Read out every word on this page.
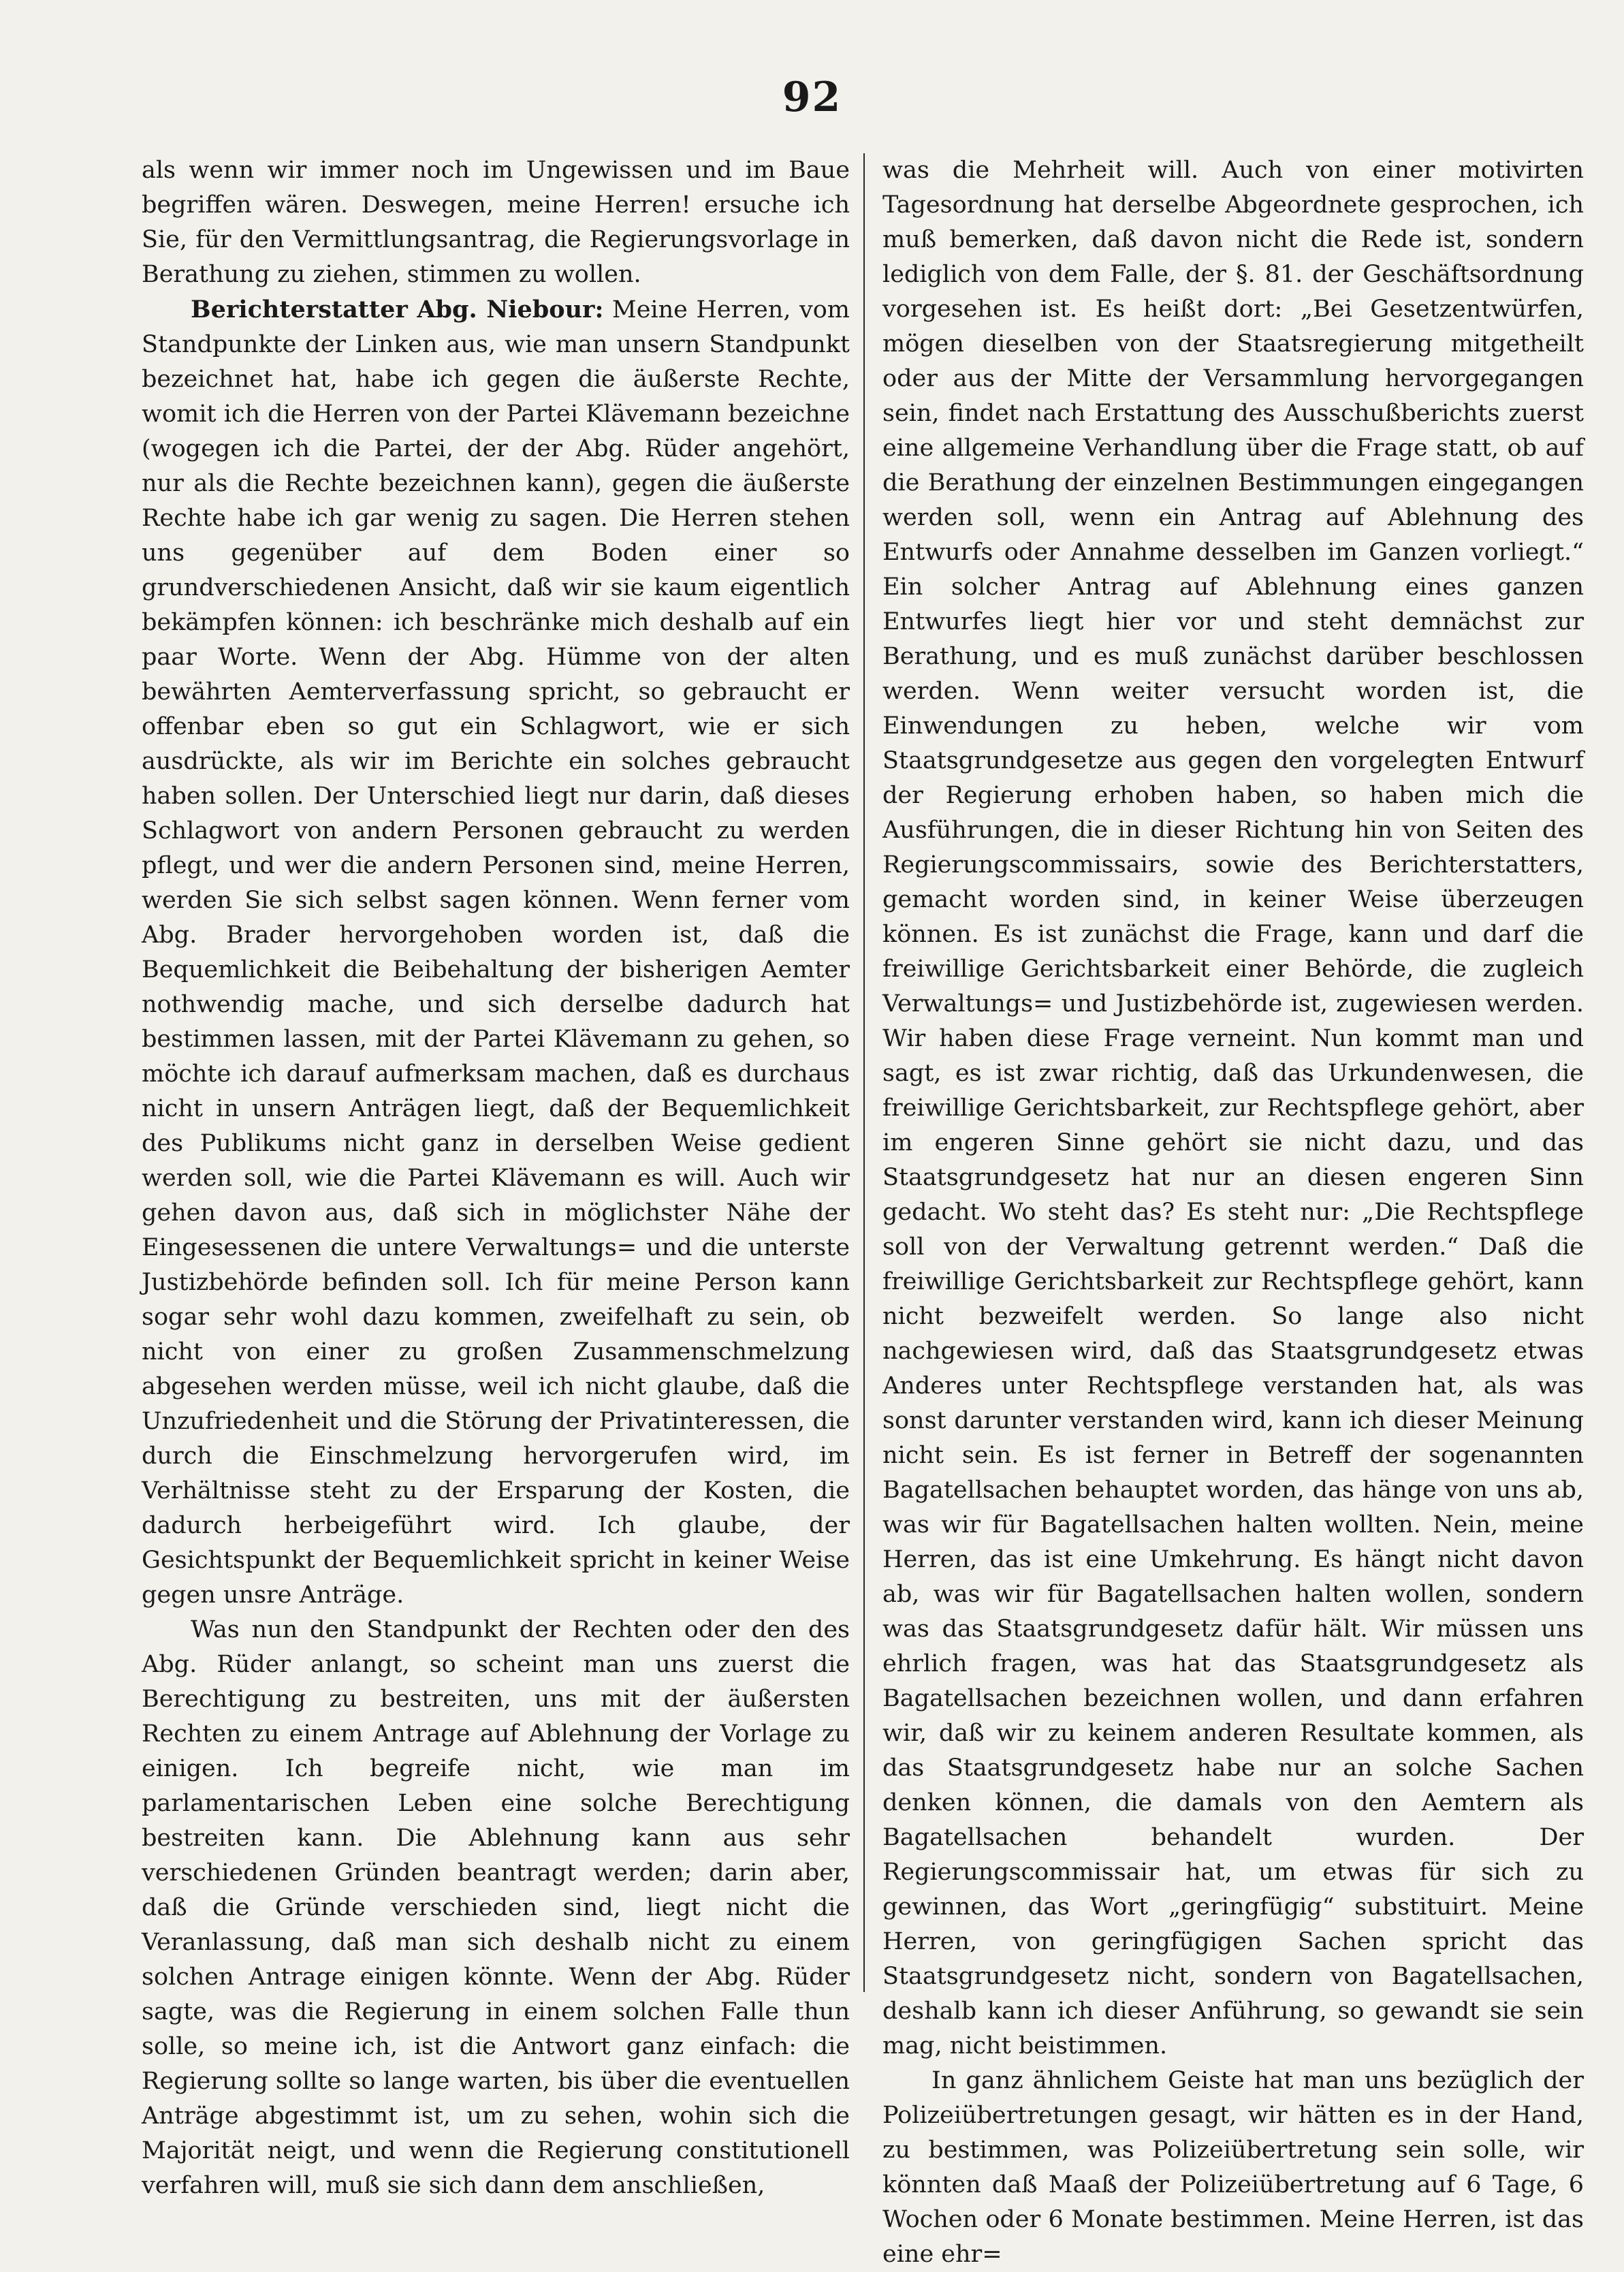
92

als wenn wir immer noch im Ungewissen und im Baue begriffen wären. Deswegen, meine Herren! ersuche ich Sie, für den Vermittlungsantrag, die Regierungsvorlage in Berathung zu ziehen, stimmen zu wollen.

Berichterstatter Abg. Niebour: Meine Herren, vom Standpunkte der Linken aus, wie man unsern Standpunkt bezeichnet hat, habe ich gegen die äußerste Rechte, womit ich die Herren von der Partei Klävemann bezeichne (wogegen ich die Partei, der der Abg. Rüder angehört, nur als die Rechte bezeichnen kann), gegen die äußerste Rechte habe ich gar wenig zu sagen. Die Herren stehen uns gegenüber auf dem Boden einer so grundverschiedenen Ansicht, daß wir sie kaum eigentlich bekämpfen können: ich beschränke mich deshalb auf ein paar Worte. Wenn der Abg. Hümme von der alten bewährten Aemterverfassung spricht, so gebraucht er offenbar eben so gut ein Schlagwort, wie er sich ausdrückte, als wir im Berichte ein solches gebraucht haben sollen. Der Unterschied liegt nur darin, daß dieses Schlagwort von andern Personen gebraucht zu werden pflegt, und wer die andern Personen sind, meine Herren, werden Sie sich selbst sagen können. Wenn ferner vom Abg. Brader hervorgehoben worden ist, daß die Bequemlichkeit die Beibehaltung der bisherigen Aemter nothwendig mache, und sich derselbe dadurch hat bestimmen lassen, mit der Partei Klävemann zu gehen, so möchte ich darauf aufmerksam machen, daß es durchaus nicht in unsern Anträgen liegt, daß der Bequemlichkeit des Publikums nicht ganz in derselben Weise gedient werden soll, wie die Partei Klävemann es will. Auch wir gehen davon aus, daß sich in möglichster Nähe der Eingesessenen die untere Verwaltungs= und die unterste Justizbehörde befinden soll. Ich für meine Person kann sogar sehr wohl dazu kommen, zweifelhaft zu sein, ob nicht von einer zu großen Zusammenschmelzung abgesehen werden müsse, weil ich nicht glaube, daß die Unzufriedenheit und die Störung der Privatinteressen, die durch die Einschmelzung hervorgerufen wird, im Verhältnisse steht zu der Ersparung der Kosten, die dadurch herbeigeführt wird. Ich glaube, der Gesichtspunkt der Bequemlichkeit spricht in keiner Weise gegen unsre Anträge.

Was nun den Standpunkt der Rechten oder den des Abg. Rüder anlangt, so scheint man uns zuerst die Berechtigung zu bestreiten, uns mit der äußersten Rechten zu einem Antrage auf Ablehnung der Vorlage zu einigen. Ich begreife nicht, wie man im parlamentarischen Leben eine solche Berechtigung bestreiten kann. Die Ablehnung kann aus sehr verschiedenen Gründen beantragt werden; darin aber, daß die Gründe verschieden sind, liegt nicht die Veranlassung, daß man sich deshalb nicht zu einem solchen Antrage einigen könnte. Wenn der Abg. Rüder sagte, was die Regierung in einem solchen Falle thun solle, so meine ich, ist die Antwort ganz einfach: die Regierung sollte so lange warten, bis über die eventuellen Anträge abgestimmt ist, um zu sehen, wohin sich die Majorität neigt, und wenn die Regierung constitutionell verfahren will, muß sie sich dann dem anschließen,

was die Mehrheit will. Auch von einer motivirten Tagesordnung hat derselbe Abgeordnete gesprochen, ich muß bemerken, daß davon nicht die Rede ist, sondern lediglich von dem Falle, der §. 81. der Geschäftsordnung vorgesehen ist. Es heißt dort: „Bei Gesetzentwürfen, mögen dieselben von der Staatsregierung mitgetheilt oder aus der Mitte der Versammlung hervorgegangen sein, findet nach Erstattung des Ausschußberichts zuerst eine allgemeine Verhandlung über die Frage statt, ob auf die Berathung der einzelnen Bestimmungen eingegangen werden soll, wenn ein Antrag auf Ablehnung des Entwurfs oder Annahme desselben im Ganzen vorliegt.“ Ein solcher Antrag auf Ablehnung eines ganzen Entwurfes liegt hier vor und steht demnächst zur Berathung, und es muß zunächst darüber beschlossen werden. Wenn weiter versucht worden ist, die Einwendungen zu heben, welche wir vom Staatsgrundgesetze aus gegen den vorgelegten Entwurf der Regierung erhoben haben, so haben mich die Ausführungen, die in dieser Richtung hin von Seiten des Regierungscommissairs, sowie des Berichterstatters, gemacht worden sind, in keiner Weise überzeugen können. Es ist zunächst die Frage, kann und darf die freiwillige Gerichtsbarkeit einer Behörde, die zugleich Verwaltungs= und Justizbehörde ist, zugewiesen werden. Wir haben diese Frage verneint. Nun kommt man und sagt, es ist zwar richtig, daß das Urkundenwesen, die freiwillige Gerichtsbarkeit, zur Rechtspflege gehört, aber im engeren Sinne gehört sie nicht dazu, und das Staatsgrundgesetz hat nur an diesen engeren Sinn gedacht. Wo steht das? Es steht nur: „Die Rechtspflege soll von der Verwaltung getrennt werden.“ Daß die freiwillige Gerichtsbarkeit zur Rechtspflege gehört, kann nicht bezweifelt werden. So lange also nicht nachgewiesen wird, daß das Staatsgrundgesetz etwas Anderes unter Rechtspflege verstanden hat, als was sonst darunter verstanden wird, kann ich dieser Meinung nicht sein. Es ist ferner in Betreff der sogenannten Bagatellsachen behauptet worden, das hänge von uns ab, was wir für Bagatellsachen halten wollten. Nein, meine Herren, das ist eine Umkehrung. Es hängt nicht davon ab, was wir für Bagatellsachen halten wollen, sondern was das Staatsgrundgesetz dafür hält. Wir müssen uns ehrlich fragen, was hat das Staatsgrundgesetz als Bagatellsachen bezeichnen wollen, und dann erfahren wir, daß wir zu keinem anderen Resultate kommen, als das Staatsgrundgesetz habe nur an solche Sachen denken können, die damals von den Aemtern als Bagatellsachen behandelt wurden. Der Regierungscommissair hat, um etwas für sich zu gewinnen, das Wort „geringfügig“ substituirt. Meine Herren, von geringfügigen Sachen spricht das Staatsgrundgesetz nicht, sondern von Bagatellsachen, deshalb kann ich dieser Anführung, so gewandt sie sein mag, nicht beistimmen.

In ganz ähnlichem Geiste hat man uns bezüglich der Polizeiübertretungen gesagt, wir hätten es in der Hand, zu bestimmen, was Polizeiübertretung sein solle, wir könnten daß Maaß der Polizeiübertretung auf 6 Tage, 6 Wochen oder 6 Monate bestimmen. Meine Herren, ist das eine ehr=
